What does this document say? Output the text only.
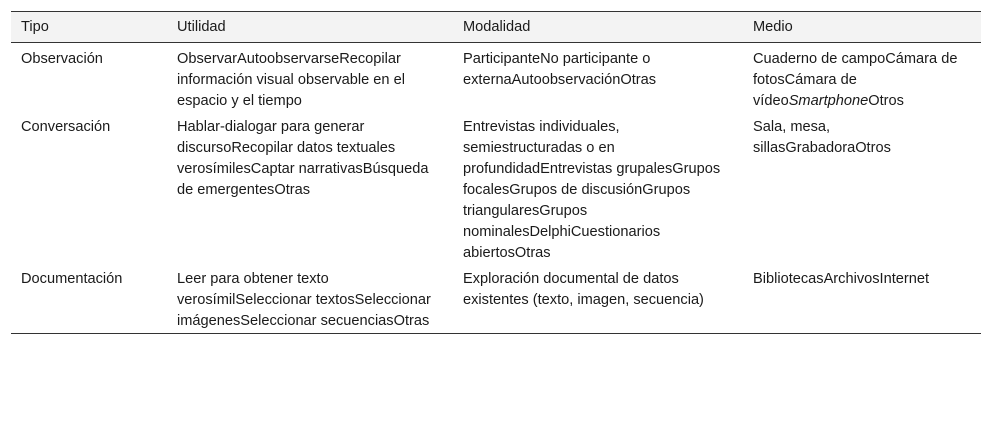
Tipo	Utilidad	Modalidad	Medio
Observación	ObservarAutoobservarseRecopilar información visual observable en el espacio y el tiempo	ParticipanteNo participante o externaAutoobservaciónOtras	Cuaderno de campoCámara de fotosCámara de vídeoSmartphoneOtros
Conversación	Hablar-dialogar para generar discursoRecopilar datos textuales verosímilesCaptar narrativasBúsqueda de emergentesOtras	Entrevistas individuales, semiestructuradas o en profundidadEntrevistas grupalesGrupos focalesGrupos de discusiónGrupos triangularesGrupos nominalesDelphiCuestionarios abiertosOtras	Sala, mesa, sillasGrabadoraOtros
Documentación	Leer para obtener texto verosímilSeleccionar textosSeleccionar imágenesSeleccionar secuenciasOtras	Exploración documental de datos existentes (texto, imagen, secuencia)	BibliotecasArchivosInternet
